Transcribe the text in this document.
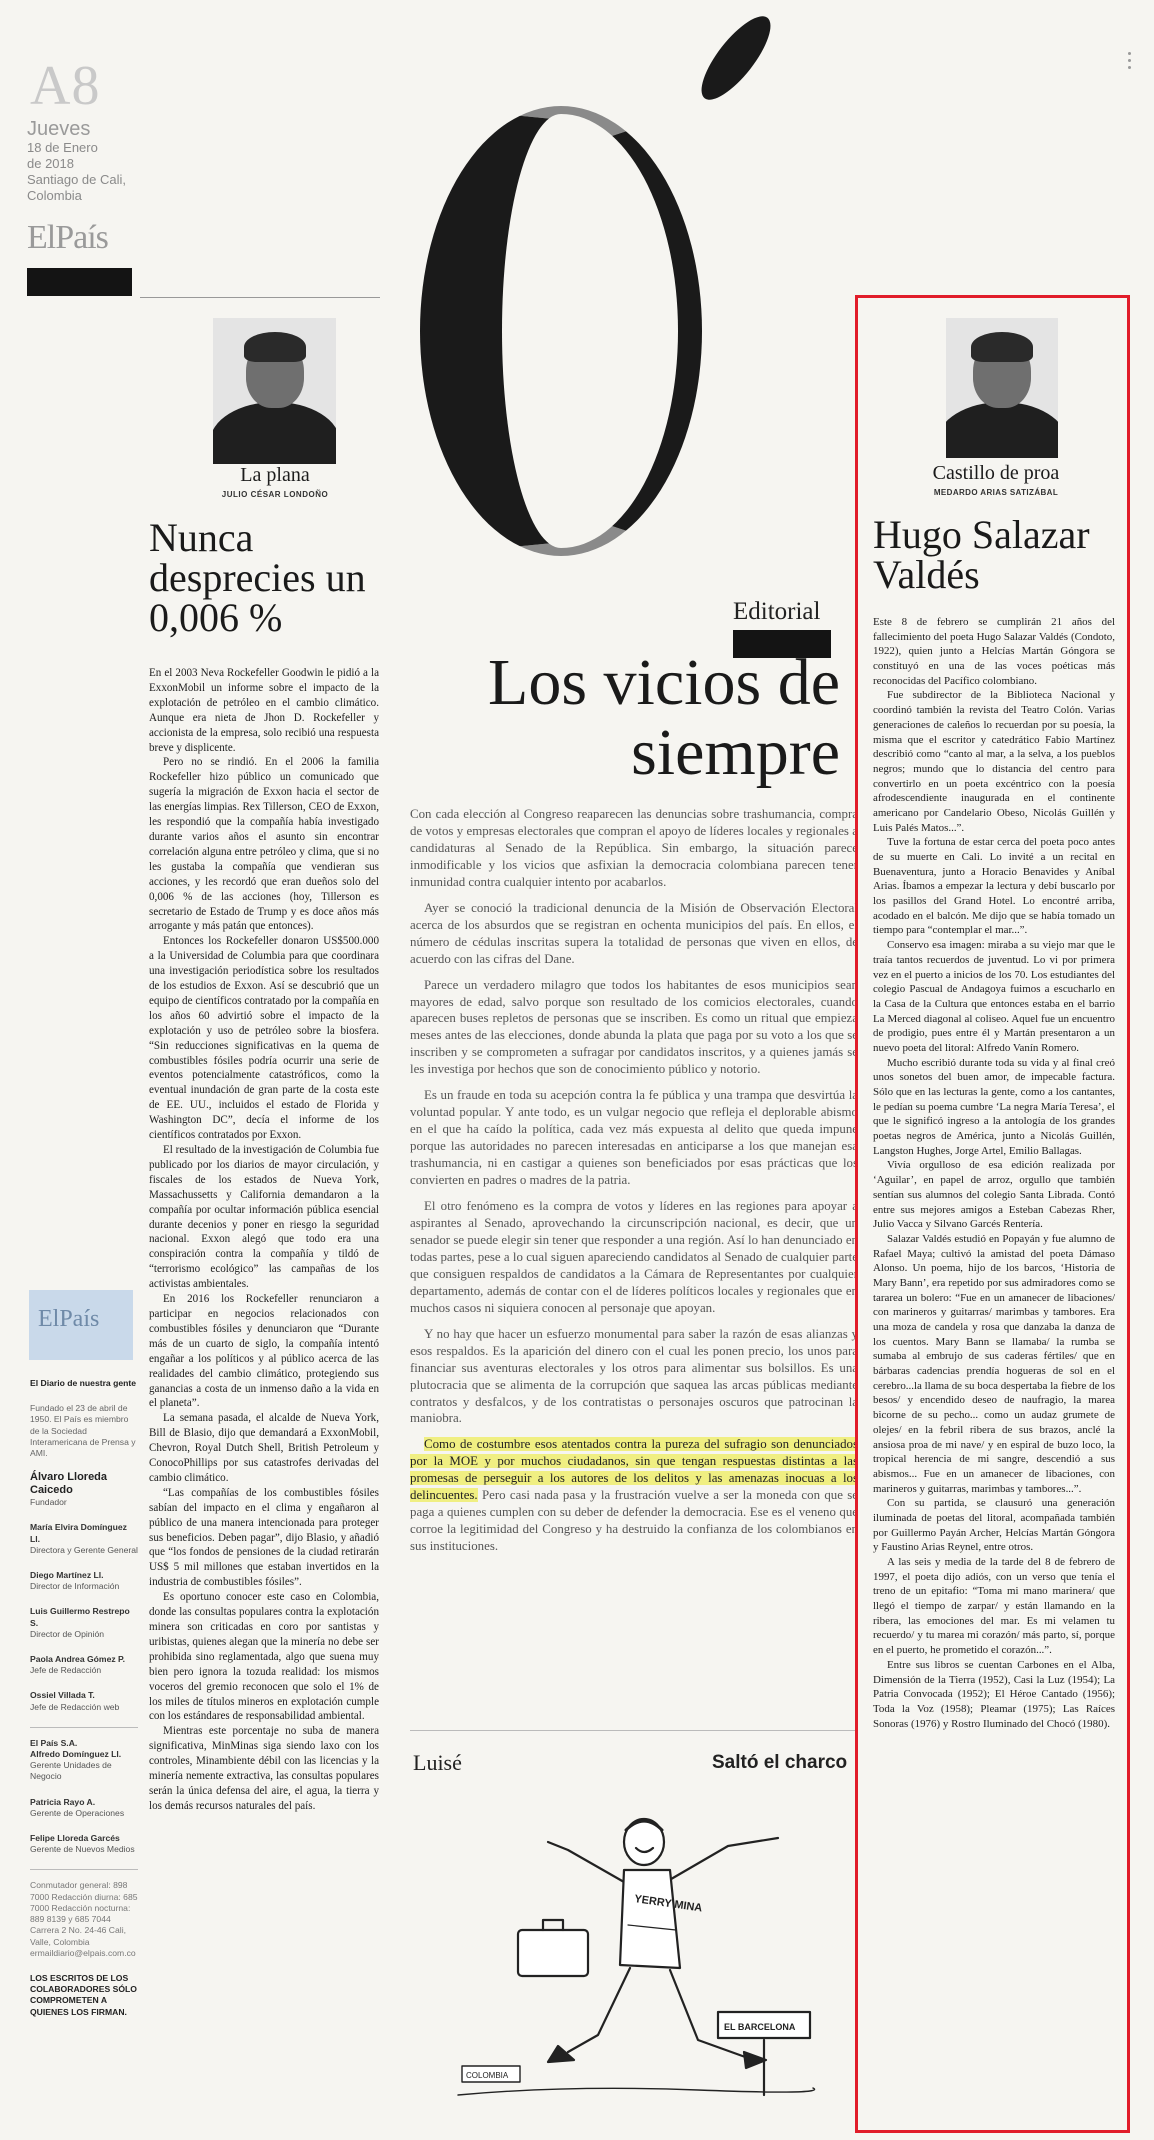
A8
Jueves
18 de Enero
de 2018
Santiago de Cali,
Colombia
ElPaís
La plana
JULIO CÉSAR LONDOÑO
Nunca desprecies un 0,006 %

En el 2003 Neva Rockefeller Goodwin le pidió a la ExxonMobil un informe sobre el impacto de la explotación de petróleo en el cambio climático. Aunque era nieta de Jhon D. Rockefeller y accionista de la empresa, solo recibió una respuesta breve y displicente.

Pero no se rindió. En el 2006 la familia Rockefeller hizo público un comunicado que sugería la migración de Exxon hacia el sector de las energías limpias. Rex Tillerson, CEO de Exxon, les respondió que la compañía había investigado durante varios años el asunto sin encontrar correlación alguna entre petróleo y clima, que si no les gustaba la compañía que vendieran sus acciones, y les recordó que eran dueños solo del 0,006 % de las acciones (hoy, Tillerson es secretario de Estado de Trump y es doce años más arrogante y más patán que entonces).

Entonces los Rockefeller donaron US$500.000 a la Universidad de Columbia para que coordinara una investigación periodística sobre los resultados de los estudios de Exxon. Así se descubrió que un equipo de científicos contratado por la compañía en los años 60 advirtió sobre el impacto de la explotación y uso de petróleo sobre la biosfera. “Sin reducciones significativas en la quema de combustibles fósiles podría ocurrir una serie de eventos potencialmente catastróficos, como la eventual inundación de gran parte de la costa este de EE. UU., incluidos el estado de Florida y Washington DC”, decía el informe de los científicos contratados por Exxon.

El resultado de la investigación de Columbia fue publicado por los diarios de mayor circulación, y fiscales de los estados de Nueva York, Massachussetts y California demandaron a la compañía por ocultar información pública esencial durante decenios y poner en riesgo la seguridad nacional. Exxon alegó que todo era una conspiración contra la compañía y tildó de “terrorismo ecológico” las campañas de los activistas ambientales.

En 2016 los Rockefeller renunciaron a participar en negocios relacionados con combustibles fósiles y denunciaron que “Durante más de un cuarto de siglo, la compañía intentó engañar a los políticos y al público acerca de las realidades del cambio climático, protegiendo sus ganancias a costa de un inmenso daño a la vida en el planeta”.

La semana pasada, el alcalde de Nueva York, Bill de Blasio, dijo que demandará a ExxonMobil, Chevron, Royal Dutch Shell, British Petroleum y ConocoPhillips por sus catastrofes derivadas del cambio climático.

“Las compañías de los combustibles fósiles sabían del impacto en el clima y engañaron al público de una manera intencionada para proteger sus beneficios. Deben pagar”, dijo Blasio, y añadió que “los fondos de pensiones de la ciudad retirarán US$ 5 mil millones que estaban invertidos en la industria de combustibles fósiles”.

Es oportuno conocer este caso en Colombia, donde las consultas populares contra la explotación minera son criticadas en coro por santistas y uribistas, quienes alegan que la minería no debe ser prohibida sino reglamentada, algo que suena muy bien pero ignora la tozuda realidad: los mismos voceros del gremio reconocen que solo el 1% de los miles de títulos mineros en explotación cumple con los estándares de responsabilidad ambiental.

Mientras este porcentaje no suba de manera significativa, MinMinas siga siendo laxo con los controles, Minambiente débil con las licencias y la minería nemente extractiva, las consultas populares serán la única defensa del aire, el agua, la tierra y los demás recursos naturales del país.

ElPaís
El Diario de nuestra gente
Fundado el 23 de abril de 1950. El País es miembro de la Sociedad Interamericana de Prensa y AMI.
Álvaro Lloreda Caicedo
Fundador
María Elvira Domínguez Ll.
Directora y Gerente General
Diego Martínez Ll.
Director de Información
Luis Guillermo Restrepo S.
Director de Opinión
Paola Andrea Gómez P.
Jefe de Redacción
Ossiel Villada T.
Jefe de Redacción web
El País S.A.
Alfredo Domínguez Ll.
Gerente Unidades de Negocio
Patricia Rayo A.
Gerente de Operaciones
Felipe Lloreda Garcés
Gerente de Nuevos Medios
Conmutador general: 898 7000 Redacción diurna: 685 7000 Redacción nocturna: 889 8139 y 685 7044 Carrera 2 No. 24-46 Cali, Valle, Colombia ermaildiario@elpais.com.co
LOS ESCRITOS DE LOS COLABORADORES SÓLO COMPROMETEN A QUIENES LOS FIRMAN.
Editorial
Los vicios de siempre

Con cada elección al Congreso reaparecen las denuncias sobre trashumancia, compra de votos y empresas electorales que compran el apoyo de líderes locales y regionales a candidaturas al Senado de la República. Sin embargo, la situación parece inmodificable y los vicios que asfixian la democracia colombiana parecen tener inmunidad contra cualquier intento por acabarlos.

Ayer se conoció la tradicional denuncia de la Misión de Observación Electoral acerca de los absurdos que se registran en ochenta municipios del país. En ellos, el número de cédulas inscritas supera la totalidad de personas que viven en ellos, de acuerdo con las cifras del Dane.

Parece un verdadero milagro que todos los habitantes de esos municipios sean mayores de edad, salvo porque son resultado de los comicios electorales, cuando aparecen buses repletos de personas que se inscriben. Es como un ritual que empieza meses antes de las elecciones, donde abunda la plata que paga por su voto a los que se inscriben y se comprometen a sufragar por candidatos inscritos, y a quienes jamás se les investiga por hechos que son de conocimiento público y notorio.

Es un fraude en toda su acepción contra la fe pública y una trampa que desvirtúa la voluntad popular. Y ante todo, es un vulgar negocio que refleja el deplorable abismo en el que ha caído la política, cada vez más expuesta al delito que queda impune porque las autoridades no parecen interesadas en anticiparse a los que manejan esa trashumancia, ni en castigar a quienes son beneficiados por esas prácticas que los convierten en padres o madres de la patria.

El otro fenómeno es la compra de votos y líderes en las regiones para apoyar a aspirantes al Senado, aprovechando la circunscripción nacional, es decir, que un senador se puede elegir sin tener que responder a una región. Así lo han denunciado en todas partes, pese a lo cual siguen apareciendo candidatos al Senado de cualquier parte que consiguen respaldos de candidatos a la Cámara de Representantes por cualquier departamento, además de contar con el de líderes políticos locales y regionales que en muchos casos ni siquiera conocen al personaje que apoyan.

Y no hay que hacer un esfuerzo monumental para saber la razón de esas alianzas y esos respaldos. Es la aparición del dinero con el cual les ponen precio, los unos para financiar sus aventuras electorales y los otros para alimentar sus bolsillos. Es una plutocracia que se alimenta de la corrupción que saquea las arcas públicas mediante contratos y desfalcos, y de los contratistas o personajes oscuros que patrocinan la maniobra.

Como de costumbre esos atentados contra la pureza del sufragio son denunciados por la MOE y por muchos ciudadanos, sin que tengan respuestas distintas a las promesas de perseguir a los autores de los delitos y las amenazas inocuas a los delincuentes. Pero casi nada pasa y la frustración vuelve a ser la moneda con que se paga a quienes cumplen con su deber de defender la democracia. Ese es el veneno que corroe la legitimidad del Congreso y ha destruido la confianza de los colombianos en sus instituciones.

Luisé	Saltó el charco
YERRY MINA
EL BARCELONA
COLOMBIA
Castillo de proa
MEDARDO ARIAS SATIZÁBAL
Hugo Salazar Valdés

Este 8 de febrero se cumplirán 21 años del fallecimiento del poeta Hugo Salazar Valdés (Condoto, 1922), quien junto a Helcías Martán Góngora se constituyó en una de las voces poéticas más reconocidas del Pacífico colombiano.

Fue subdirector de la Biblioteca Nacional y coordinó también la revista del Teatro Colón. Varias generaciones de caleños lo recuerdan por su poesía, la misma que el escritor y catedrático Fabio Martínez describió como “canto al mar, a la selva, a los pueblos negros; mundo que lo distancia del centro para convertirlo en un poeta excéntrico con la poesía afrodescendiente inaugurada en el continente americano por Candelario Obeso, Nicolás Guillén y Luis Palés Matos...”.

Tuve la fortuna de estar cerca del poeta poco antes de su muerte en Cali. Lo invité a un recital en Buenaventura, junto a Horacio Benavides y Aníbal Arias. Íbamos a empezar la lectura y debí buscarlo por los pasillos del Grand Hotel. Lo encontré arriba, acodado en el balcón. Me dijo que se había tomado un tiempo para “contemplar el mar...”.

Conservo esa imagen: miraba a su viejo mar que le traía tantos recuerdos de juventud. Lo vi por primera vez en el puerto a inicios de los 70. Los estudiantes del colegio Pascual de Andagoya fuimos a escucharlo en la Casa de la Cultura que entonces estaba en el barrio La Merced diagonal al coliseo. Aquel fue un encuentro de prodigio, pues entre él y Martán presentaron a un nuevo poeta del litoral: Alfredo Vanín Romero.

Mucho escribió durante toda su vida y al final creó unos sonetos del buen amor, de impecable factura. Sólo que en las lecturas la gente, como a los cantantes, le pedían su poema cumbre ‘La negra María Teresa’, el que le significó ingreso a la antología de los grandes poetas negros de América, junto a Nicolás Guillén, Langston Hughes, Jorge Artel, Emilio Ballagas.

Vivía orgulloso de esa edición realizada por ‘Aguilar’, en papel de arroz, orgullo que también sentían sus alumnos del colegio Santa Librada. Contó entre sus mejores amigos a Esteban Cabezas Rher, Julio Vacca y Silvano Garcés Rentería.

Salazar Valdés estudió en Popayán y fue alumno de Rafael Maya; cultivó la amistad del poeta Dámaso Alonso. Un poema, hijo de los barcos, ‘Historia de Mary Bann’, era repetido por sus admiradores como se tararea un bolero: “Fue en un amanecer de libaciones/ con marineros y guitarras/ marimbas y tambores. Era una moza de candela y rosa que danzaba la danza de los cuentos. Mary Bann se llamaba/ la rumba se sumaba al embrujo de sus caderas fértiles/ que en bárbaras cadencias prendía hogueras de sol en el cerebro...la llama de su boca despertaba la fiebre de los besos/ y encendido deseo de naufragio, la marea bicorne de su pecho... como un audaz grumete de olejes/ en la febril ribera de sus brazos, anclé la ansiosa proa de mi nave/ y en espiral de buzo loco, la tropical herencia de mi sangre, descendió a sus abismos... Fue en un amanecer de libaciones, con marineros y guitarras, marimbas y tambores...”.

Con su partida, se clausuró una generación iluminada de poetas del litoral, acompañada también por Guillermo Payán Archer, Helcías Martán Góngora y Faustino Arias Reynel, entre otros.

A las seis y media de la tarde del 8 de febrero de 1997, el poeta dijo adiós, con un verso que tenía el treno de un epitafio: “Toma mi mano marinera/ que llegó el tiempo de zarpar/ y están llamando en la ribera, las emociones del mar. Es mi velamen tu recuerdo/ y tu marea mi corazón/ más parto, sí, porque en el puerto, he prometido el corazón...”.

Entre sus libros se cuentan Carbones en el Alba, Dimensión de la Tierra (1952), Casi la Luz (1954); La Patria Convocada (1952); El Héroe Cantado (1956); Toda la Voz (1958); Pleamar (1975); Las Raíces Sonoras (1976) y Rostro Iluminado del Chocó (1980).
